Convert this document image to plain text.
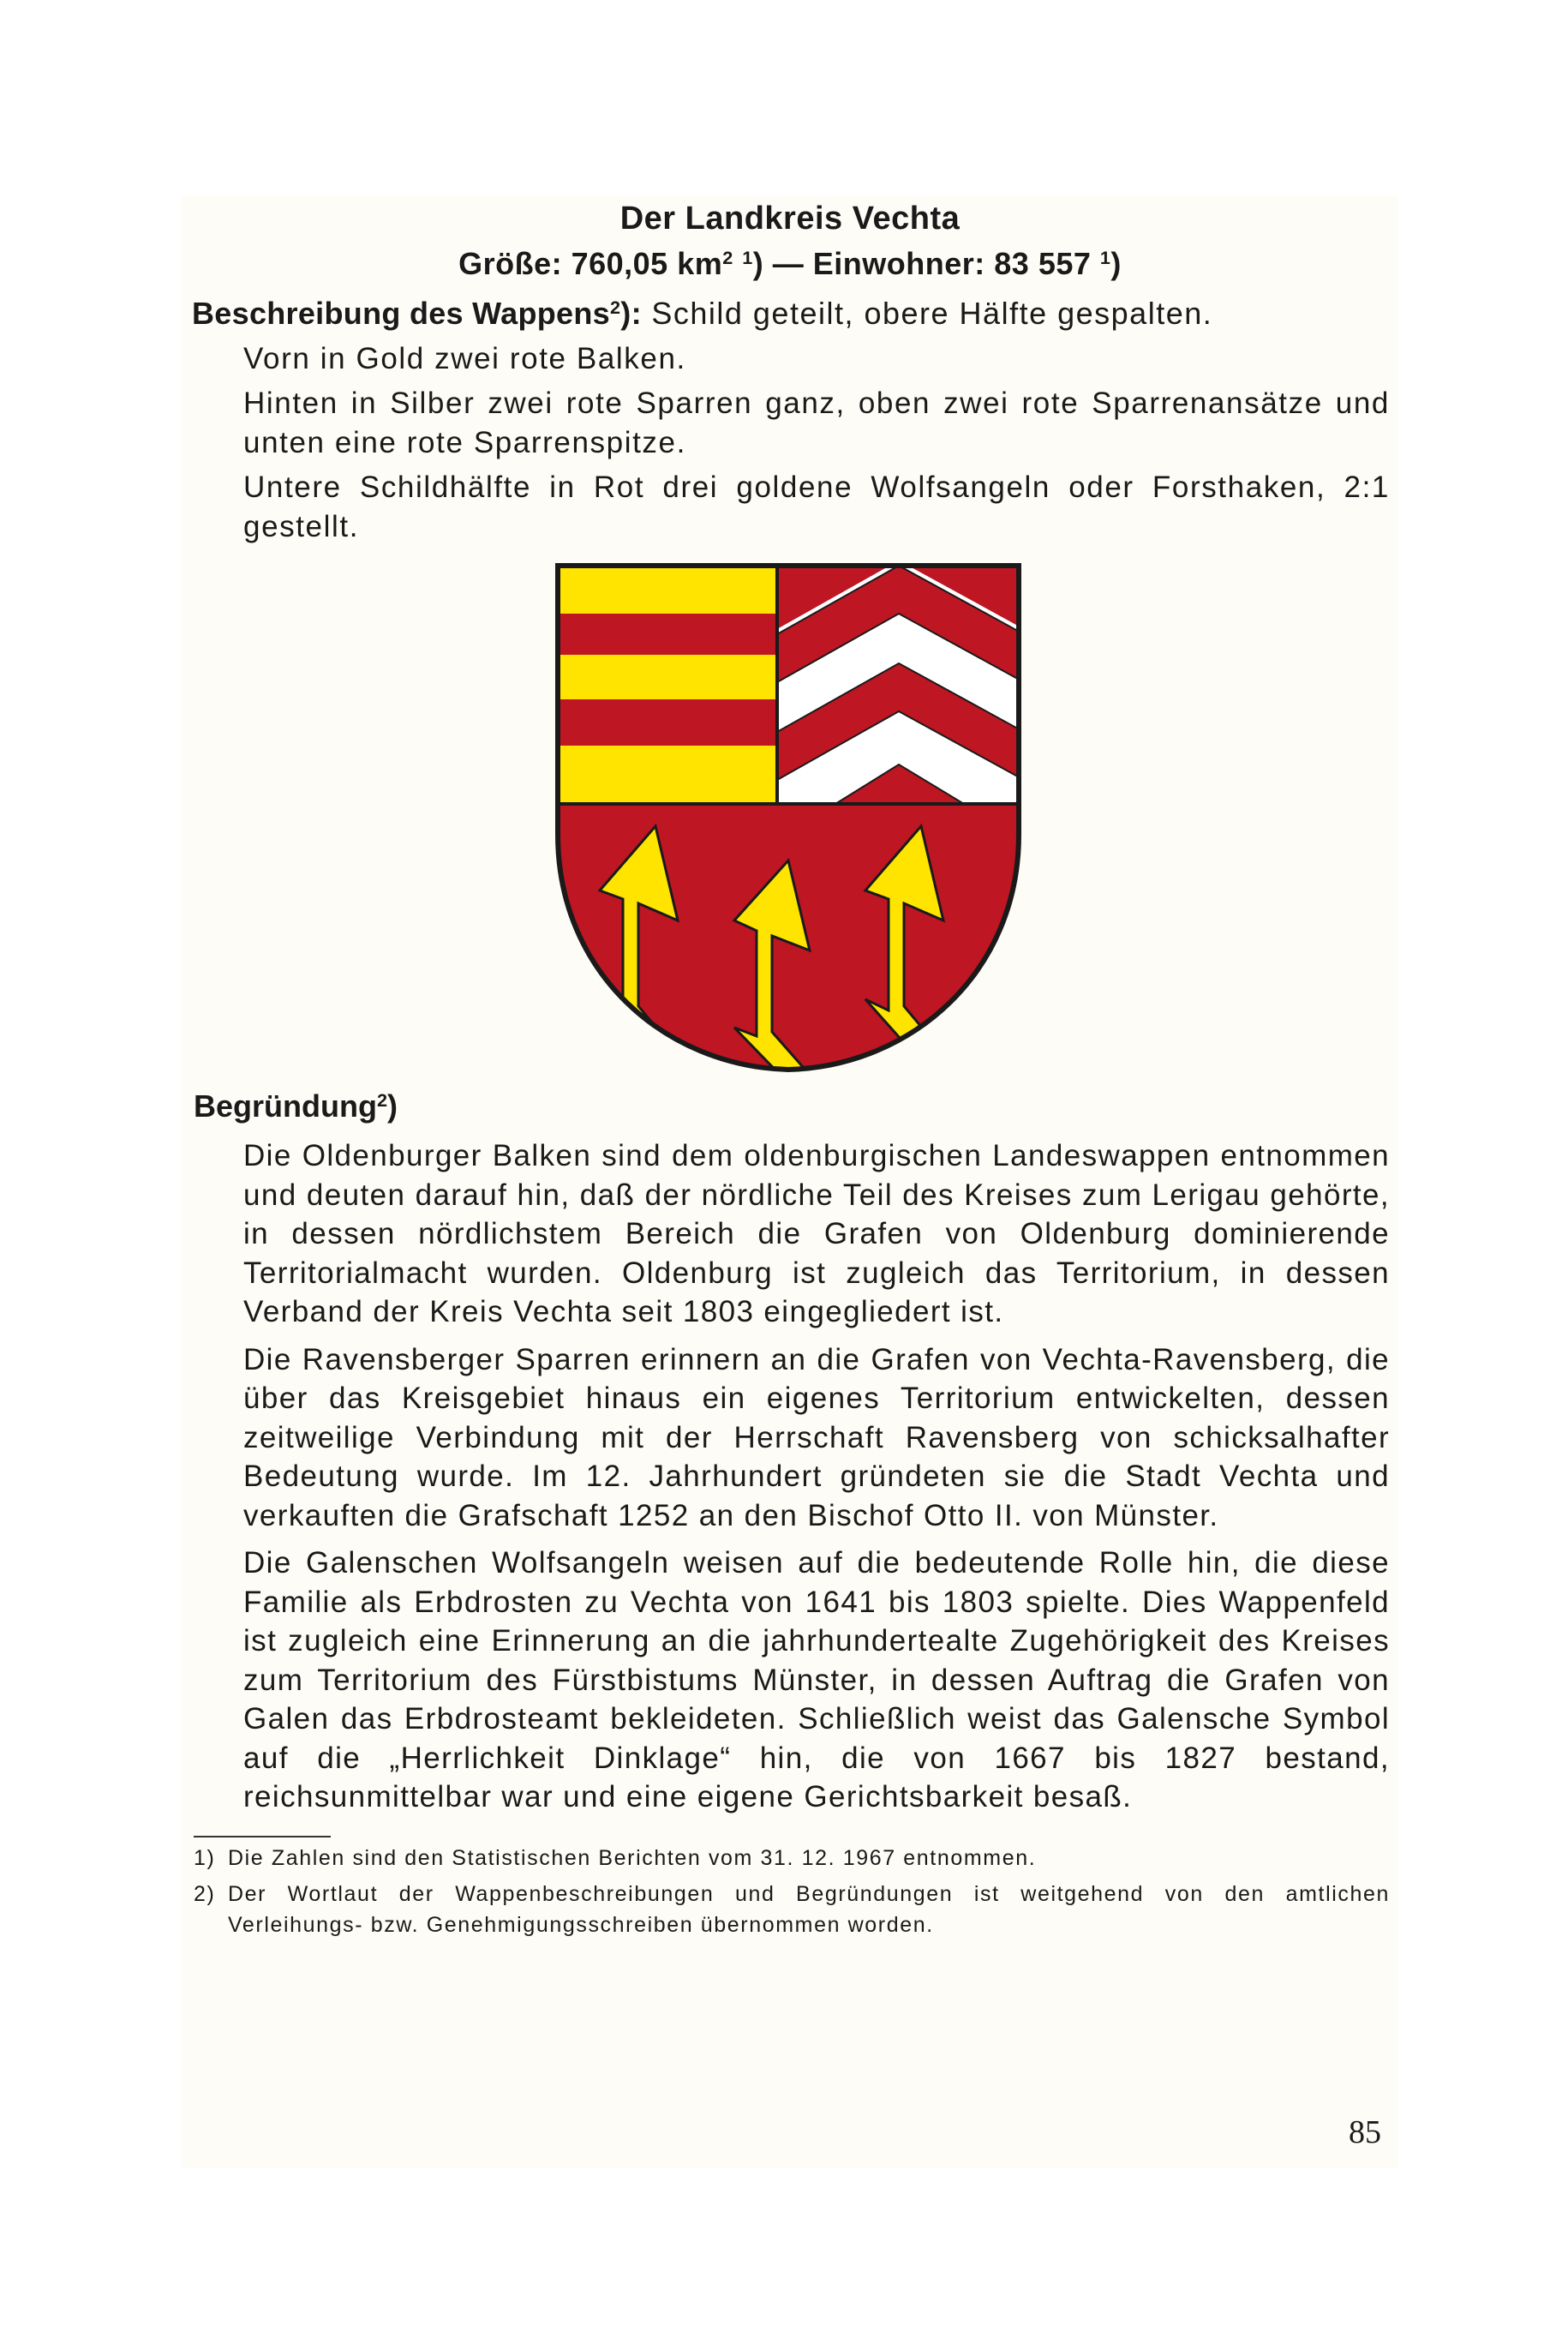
Der Landkreis Vechta
Größe: 760,05 $km^2$ $^1$) — Einwohner: 83 557 $^1$)
Beschreibung des Wappens$^2$): Schild geteilt, obere Hälfte gespalten.
Vorn in Gold zwei rote Balken.
Hinten in Silber zwei rote Sparren ganz, oben zwei rote Sparrenansätze und unten eine rote Sparrenspitze.
Untere Schildhälfte in Rot drei goldene Wolfsangeln oder Forsthaken, 2:1 gestellt.
Begründung$^2$)
Die Oldenburger Balken sind dem oldenburgischen Landeswappen entnommen und deuten darauf hin, daß der nördliche Teil des Kreises zum Lerigau gehörte, in dessen nördlichstem Bereich die Grafen von Oldenburg dominierende Territorialmacht wurden. Oldenburg ist zugleich das Territorium, in dessen Verband der Kreis Vechta seit 1803 eingegliedert ist.
Die Ravensberger Sparren erinnern an die Grafen von Vechta-Ravensberg, die über das Kreisgebiet hinaus ein eigenes Territorium entwickelten, dessen zeitweilige Verbindung mit der Herrschaft Ravensberg von schicksalhafter Bedeutung wurde. Im 12. Jahrhundert gründeten sie die Stadt Vechta und verkauften die Grafschaft 1252 an den Bischof Otto II. von Münster.
Die Galenschen Wolfsangeln weisen auf die bedeutende Rolle hin, die diese Familie als Erbdrosten zu Vechta von 1641 bis 1803 spielte. Dies Wappenfeld ist zugleich eine Erinnerung an die jahrhundertealte Zugehörigkeit des Kreises zum Territorium des Fürstbistums Münster, in dessen Auftrag die Grafen von Galen das Erbdrosteamt bekleideten. Schließlich weist das Galensche Symbol auf die „Herrlichkeit Dinklage“ hin, die von 1667 bis 1827 bestand, reichsunmittelbar war und eine eigene Gerichtsbarkeit besaß.
1) Die Zahlen sind den Statistischen Berichten vom 31. 12. 1967 entnommen.
2) Der Wortlaut der Wappenbeschreibungen und Begründungen ist weitgehend von den amtlichen Verleihungs- bzw. Genehmigungsschreiben übernommen worden.
85
